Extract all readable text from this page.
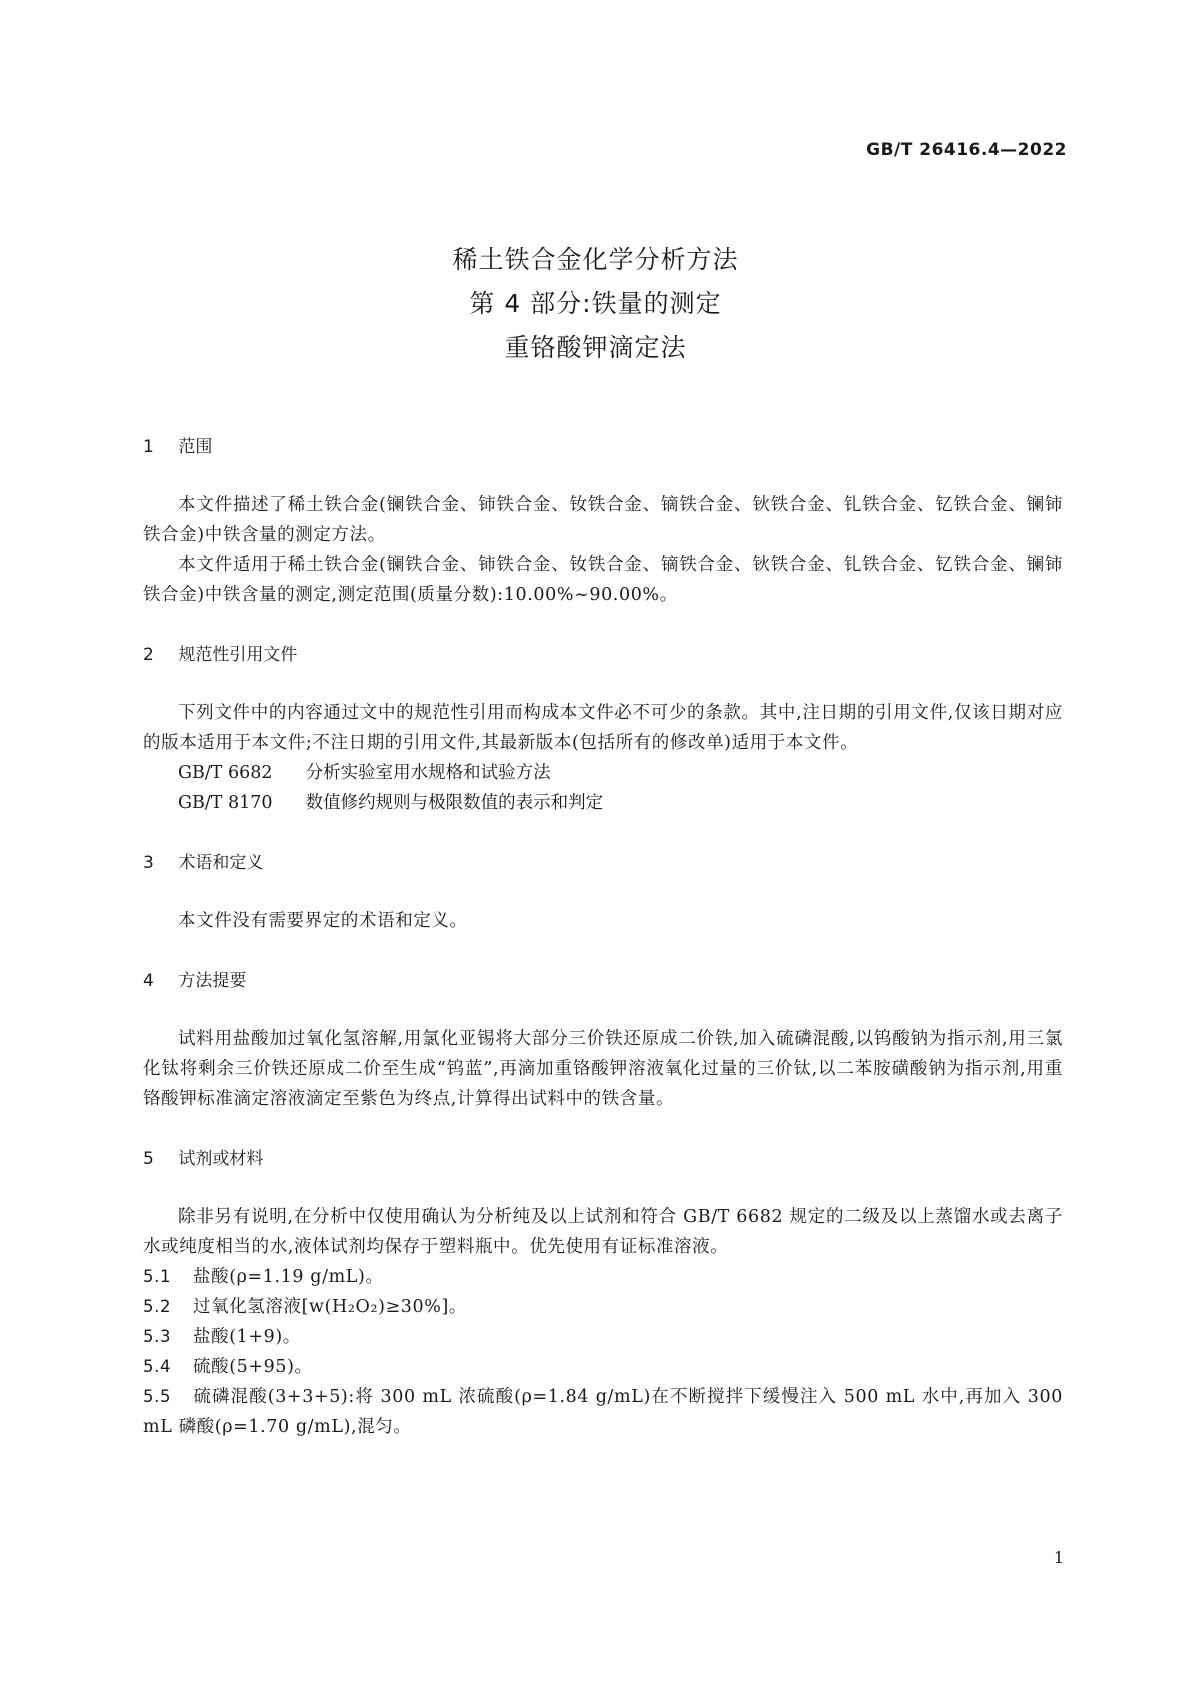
GB/T 26416.4—2022
稀土铁合金化学分析方法
第 4 部分:铁量的测定
重铬酸钾滴定法
1 范围

本文件描述了稀土铁合金(镧铁合金、铈铁合金、钕铁合金、镝铁合金、钬铁合金、钆铁合金、钇铁合金、镧铈铁合金)中铁含量的测定方法。

本文件适用于稀土铁合金(镧铁合金、铈铁合金、钕铁合金、镝铁合金、钬铁合金、钆铁合金、钇铁合金、镧铈铁合金)中铁含量的测定,测定范围(质量分数):10.00%~90.00%。

2 规范性引用文件

下列文件中的内容通过文中的规范性引用而构成本文件必不可少的条款。其中,注日期的引用文件,仅该日期对应的版本适用于本文件;不注日期的引用文件,其最新版本(包括所有的修改单)适用于本文件。

GB/T 6682 分析实验室用水规格和试验方法

GB/T 8170 数值修约规则与极限数值的表示和判定

3 术语和定义

本文件没有需要界定的术语和定义。

4 方法提要

试料用盐酸加过氧化氢溶解,用氯化亚锡将大部分三价铁还原成二价铁,加入硫磷混酸,以钨酸钠为指示剂,用三氯化钛将剩余三价铁还原成二价至生成“钨蓝”,再滴加重铬酸钾溶液氧化过量的三价钛,以二苯胺磺酸钠为指示剂,用重铬酸钾标准滴定溶液滴定至紫色为终点,计算得出试料中的铁含量。

5 试剂或材料

除非另有说明,在分析中仅使用确认为分析纯及以上试剂和符合 GB/T 6682 规定的二级及以上蒸馏水或去离子水或纯度相当的水,液体试剂均保存于塑料瓶中。优先使用有证标准溶液。

5.1 盐酸(ρ=1.19 g/mL)。

5.2 过氧化氢溶液[w(H₂O₂)≥30%]。

5.3 盐酸(1+9)。

5.4 硫酸(5+95)。

5.5 硫磷混酸(3+3+5):将 300 mL 浓硫酸(ρ=1.84 g/mL)在不断搅拌下缓慢注入 500 mL 水中,再加入 300 mL 磷酸(ρ=1.70 g/mL),混匀。

1
